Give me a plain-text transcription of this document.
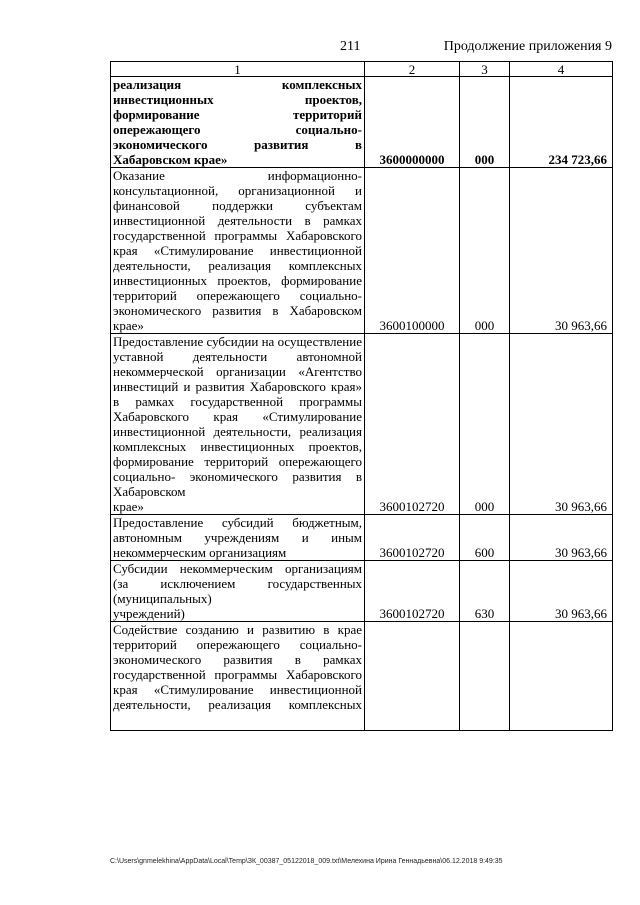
211	Продолжение приложения 9
1	2	3	4
реализация комплексных инвестиционных проектов, формирование территорий опережающего социально- экономического развития в
Хабаровском крае»	3600000000	000	234 723,66
Оказание информационно- консультационной, организационной и финансовой поддержки субъектам инвестиционной деятельности в рамках государственной программы Хабаровского края «Стимулирование инвестиционной деятельности, реализация комплексных инвестиционных проектов, формирование территорий опережающего социально- экономического развития в Хабаровском
крае»	3600100000	000	30 963,66
Предоставление субсидии на осуществление уставной деятельности автономной некоммерческой организации «Агентство инвестиций и развития Хабаровского края» в рамках государственной программы Хабаровского края «Стимулирование инвестиционной деятельности, реализация комплексных инвестиционных проектов, формирование территорий опережающего социально- экономического развития в Хабаровском
крае»	3600102720	000	30 963,66
Предоставление субсидий бюджетным, автономным учреждениям и иным
некоммерческим организациям	3600102720	600	30 963,66
Субсидии некоммерческим организациям (за исключением государственных (муниципальных)
учреждений)	3600102720	630	30 963,66
Содействие созданию и развитию в крае территорий опережающего социально- экономического развития в рамках государственной программы Хабаровского края «Стимулирование инвестиционной деятельности, реализация комплексных			
C:\Users\gnmelekhina\AppData\Local\Temp\ЗК_00387_05122018_009.txt\Мелехина Ирина Геннадьевна\06.12.2018 9:49:35
